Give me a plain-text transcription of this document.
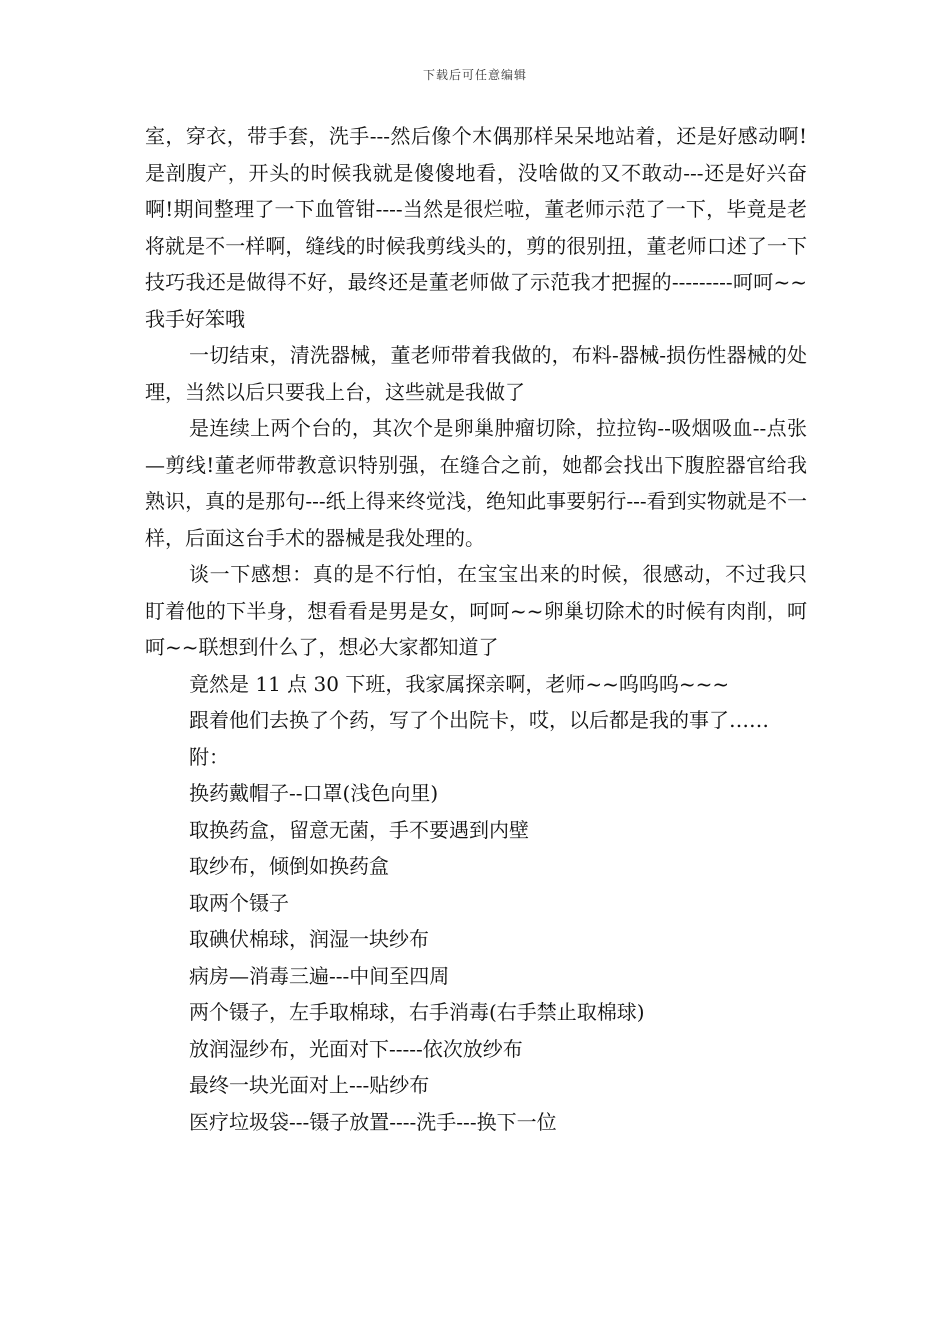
下载后可任意编辑

室，穿衣，带手套，洗手---然后像个木偶那样呆呆地站着，还是好感动啊!是剖腹产，开头的时候我就是傻傻地看，没啥做的又不敢动---还是好兴奋啊!期间整理了一下血管钳----当然是很烂啦，董老师示范了一下，毕竟是老将就是不一样啊，缝线的时候我剪线头的，剪的很别扭，董老师口述了一下技巧我还是做得不好，最终还是董老师做了示范我才把握的---------呵呵~~我手好笨哦

一切结束，清洗器械，董老师带着我做的，布料-器械-损伤性器械的处理，当然以后只要我上台，这些就是我做了

是连续上两个台的，其次个是卵巢肿瘤切除，拉拉钩--吸烟吸血--点张—剪线!董老师带教意识特别强，在缝合之前，她都会找出下腹腔器官给我熟识，真的是那句---纸上得来终觉浅，绝知此事要躬行---看到实物就是不一样，后面这台手术的器械是我处理的。

谈一下感想：真的是不行怕，在宝宝出来的时候，很感动，不过我只盯着他的下半身，想看看是男是女，呵呵~~卵巢切除术的时候有肉削，呵呵~~联想到什么了，想必大家都知道了

竟然是 11 点 30 下班，我家属探亲啊，老师~~呜呜呜~~~

跟着他们去换了个药，写了个出院卡，哎，以后都是我的事了……

附：

换药戴帽子--口罩(浅色向里)
取换药盒，留意无菌，手不要遇到内壁
取纱布，倾倒如换药盒
取两个镊子
取碘伏棉球，润湿一块纱布
病房—消毒三遍---中间至四周
两个镊子，左手取棉球，右手消毒(右手禁止取棉球)
放润湿纱布，光面对下-----依次放纱布
最终一块光面对上---贴纱布
医疗垃圾袋---镊子放置----洗手---换下一位
